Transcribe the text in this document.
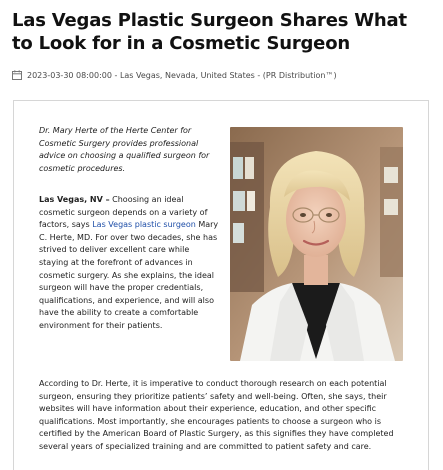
Las Vegas Plastic Surgeon Shares What to Look for in a Cosmetic Surgeon
2023-03-30 08:00:00 - Las Vegas, Nevada, United States - (PR Distribution™)

Dr. Mary Herte of the Herte Center for Cosmetic Surgery provides professional advice on choosing a qualified surgeon for cosmetic procedures.

Las Vegas, NV – Choosing an ideal cosmetic surgeon depends on a variety of factors, says Las Vegas plastic surgeon Mary C. Herte, MD. For over two decades, she has strived to deliver excellent care while staying at the forefront of advances in cosmetic surgery. As she explains, the ideal surgeon will have the proper credentials, qualifications, and experience, and will also have the ability to create a comfortable environment for their patients.

According to Dr. Herte, it is imperative to conduct thorough research on each potential surgeon, ensuring they prioritize patients’ safety and well-being. Often, she says, their websites will have information about their experience, education, and other specific qualifications. Most importantly, she encourages patients to choose a surgeon who is certified by the American Board of Plastic Surgery, as this signifies they have completed several years of specialized training and are committed to patient safety and care.
